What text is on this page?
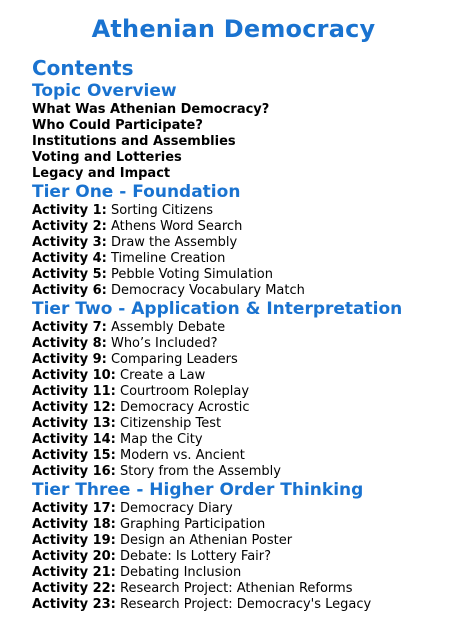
Athenian Democracy
Contents
Topic Overview
What Was Athenian Democracy?
Who Could Participate?
Institutions and Assemblies
Voting and Lotteries
Legacy and Impact
Tier One - Foundation
Activity 1: Sorting Citizens
Activity 2: Athens Word Search
Activity 3: Draw the Assembly
Activity 4: Timeline Creation
Activity 5: Pebble Voting Simulation
Activity 6: Democracy Vocabulary Match
Tier Two - Application & Interpretation
Activity 7: Assembly Debate
Activity 8: Who’s Included?
Activity 9: Comparing Leaders
Activity 10: Create a Law
Activity 11: Courtroom Roleplay
Activity 12: Democracy Acrostic
Activity 13: Citizenship Test
Activity 14: Map the City
Activity 15: Modern vs. Ancient
Activity 16: Story from the Assembly
Tier Three - Higher Order Thinking
Activity 17: Democracy Diary
Activity 18: Graphing Participation
Activity 19: Design an Athenian Poster
Activity 20: Debate: Is Lottery Fair?
Activity 21: Debating Inclusion
Activity 22: Research Project: Athenian Reforms
Activity 23: Research Project: Democracy's Legacy
